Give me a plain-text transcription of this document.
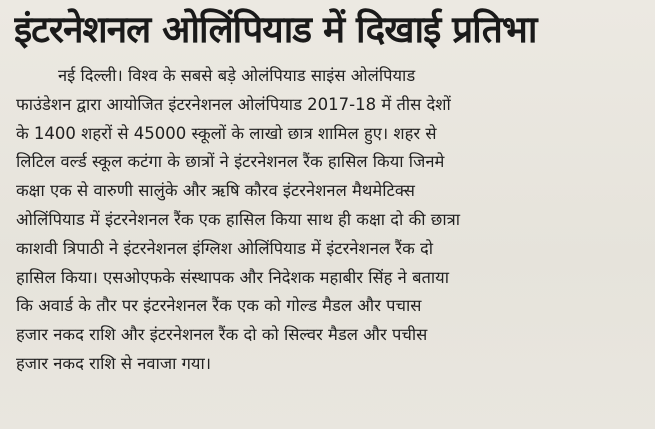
इंटरनेशनल ओलिंपियाड में दिखाई प्रतिभा
नई दिल्ली। विश्व के सबसे बड़े ओलंपियाड साइंस ओलंपियाड
फाउंडेशन द्वारा आयोजित इंटरनेशनल ओलंपियाड 2017-18 में तीस देशों
के 1400 शहरों से 45000 स्कूलों के लाखो छात्र शामिल हुए। शहर से
लिटिल वर्ल्ड स्कूल कटंगा के छात्रों ने इंटरनेशनल रैंक हासिल किया जिनमे
कक्षा एक से वारुणी सालुंके और ऋषि कौरव इंटरनेशनल मैथमेटिक्स
ओलिंपियाड में इंटरनेशनल रैंक एक हासिल किया साथ ही कक्षा दो की छात्रा
काशवी त्रिपाठी ने इंटरनेशनल इंग्लिश ओलिंपियाड में इंटरनेशनल रैंक दो
हासिल किया। एसओएफके संस्थापक और निदेशक महाबीर सिंह ने बताया
कि अवार्ड के तौर पर इंटरनेशनल रैंक एक को गोल्ड मैडल और पचास
हजार नकद राशि और इंटरनेशनल रैंक दो को सिल्वर मैडल और पचीस
हजार नकद राशि से नवाजा गया।
